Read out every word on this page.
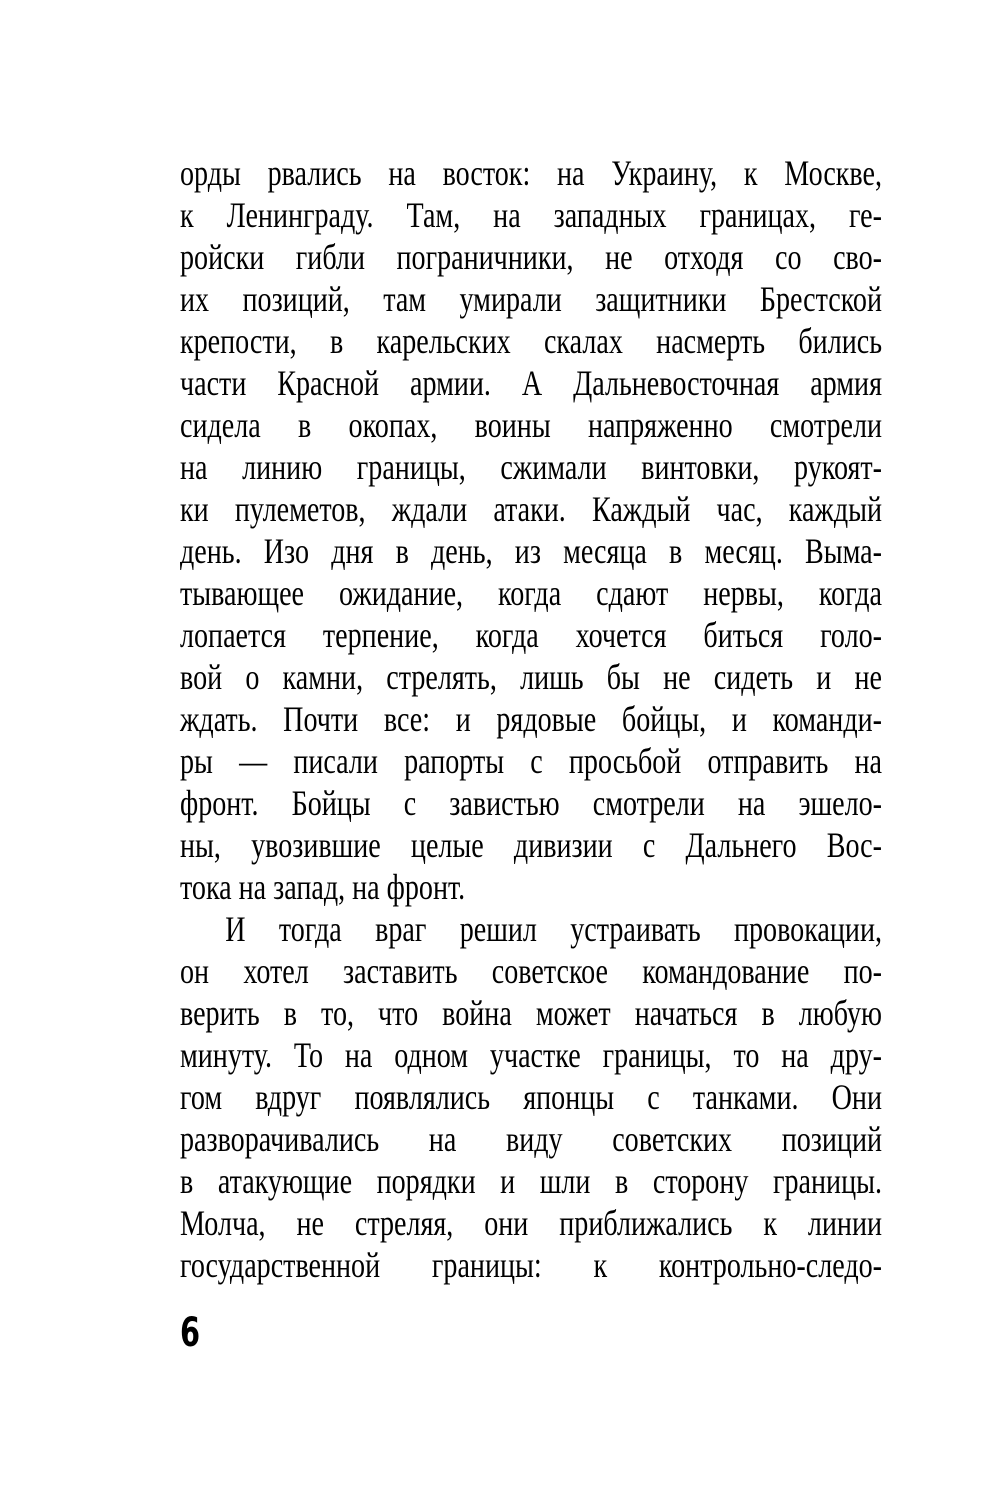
орды рвались на восток: на Украину, к Москве,
к Ленинграду. Там, на западных границах, ге-
ройски гибли пограничники, не отходя со сво-
их позиций, там умирали защитники Брестской
крепости, в карельских скалах насмерть бились
части Красной армии. А Дальневосточная армия
сидела в окопах, воины напряженно смотрели
на линию границы, сжимали винтовки, рукоят-
ки пулеметов, ждали атаки. Каждый час, каждый
день. Изо дня в день, из месяца в месяц. Выма-
тывающее ожидание, когда сдают нервы, когда
лопается терпение, когда хочется биться голо-
вой о камни, стрелять, лишь бы не сидеть и не
ждать. Почти все: и рядовые бойцы, и команди-
ры — писали рапорты с просьбой отправить на
фронт. Бойцы с завистью смотрели на эшело-
ны, увозившие целые дивизии с Дальнего Вос-
тока на запад, на фронт.
И тогда враг решил устраивать провокации,
он хотел заставить советское командование по-
верить в то, что война может начаться в любую
минуту. То на одном участке границы, то на дру-
гом вдруг появлялись японцы с танками. Они
разворачивались на виду советских позиций
в атакующие порядки и шли в сторону границы.
Молча, не стреляя, они приближались к линии
государственной границы: к контрольно-следо-
6
